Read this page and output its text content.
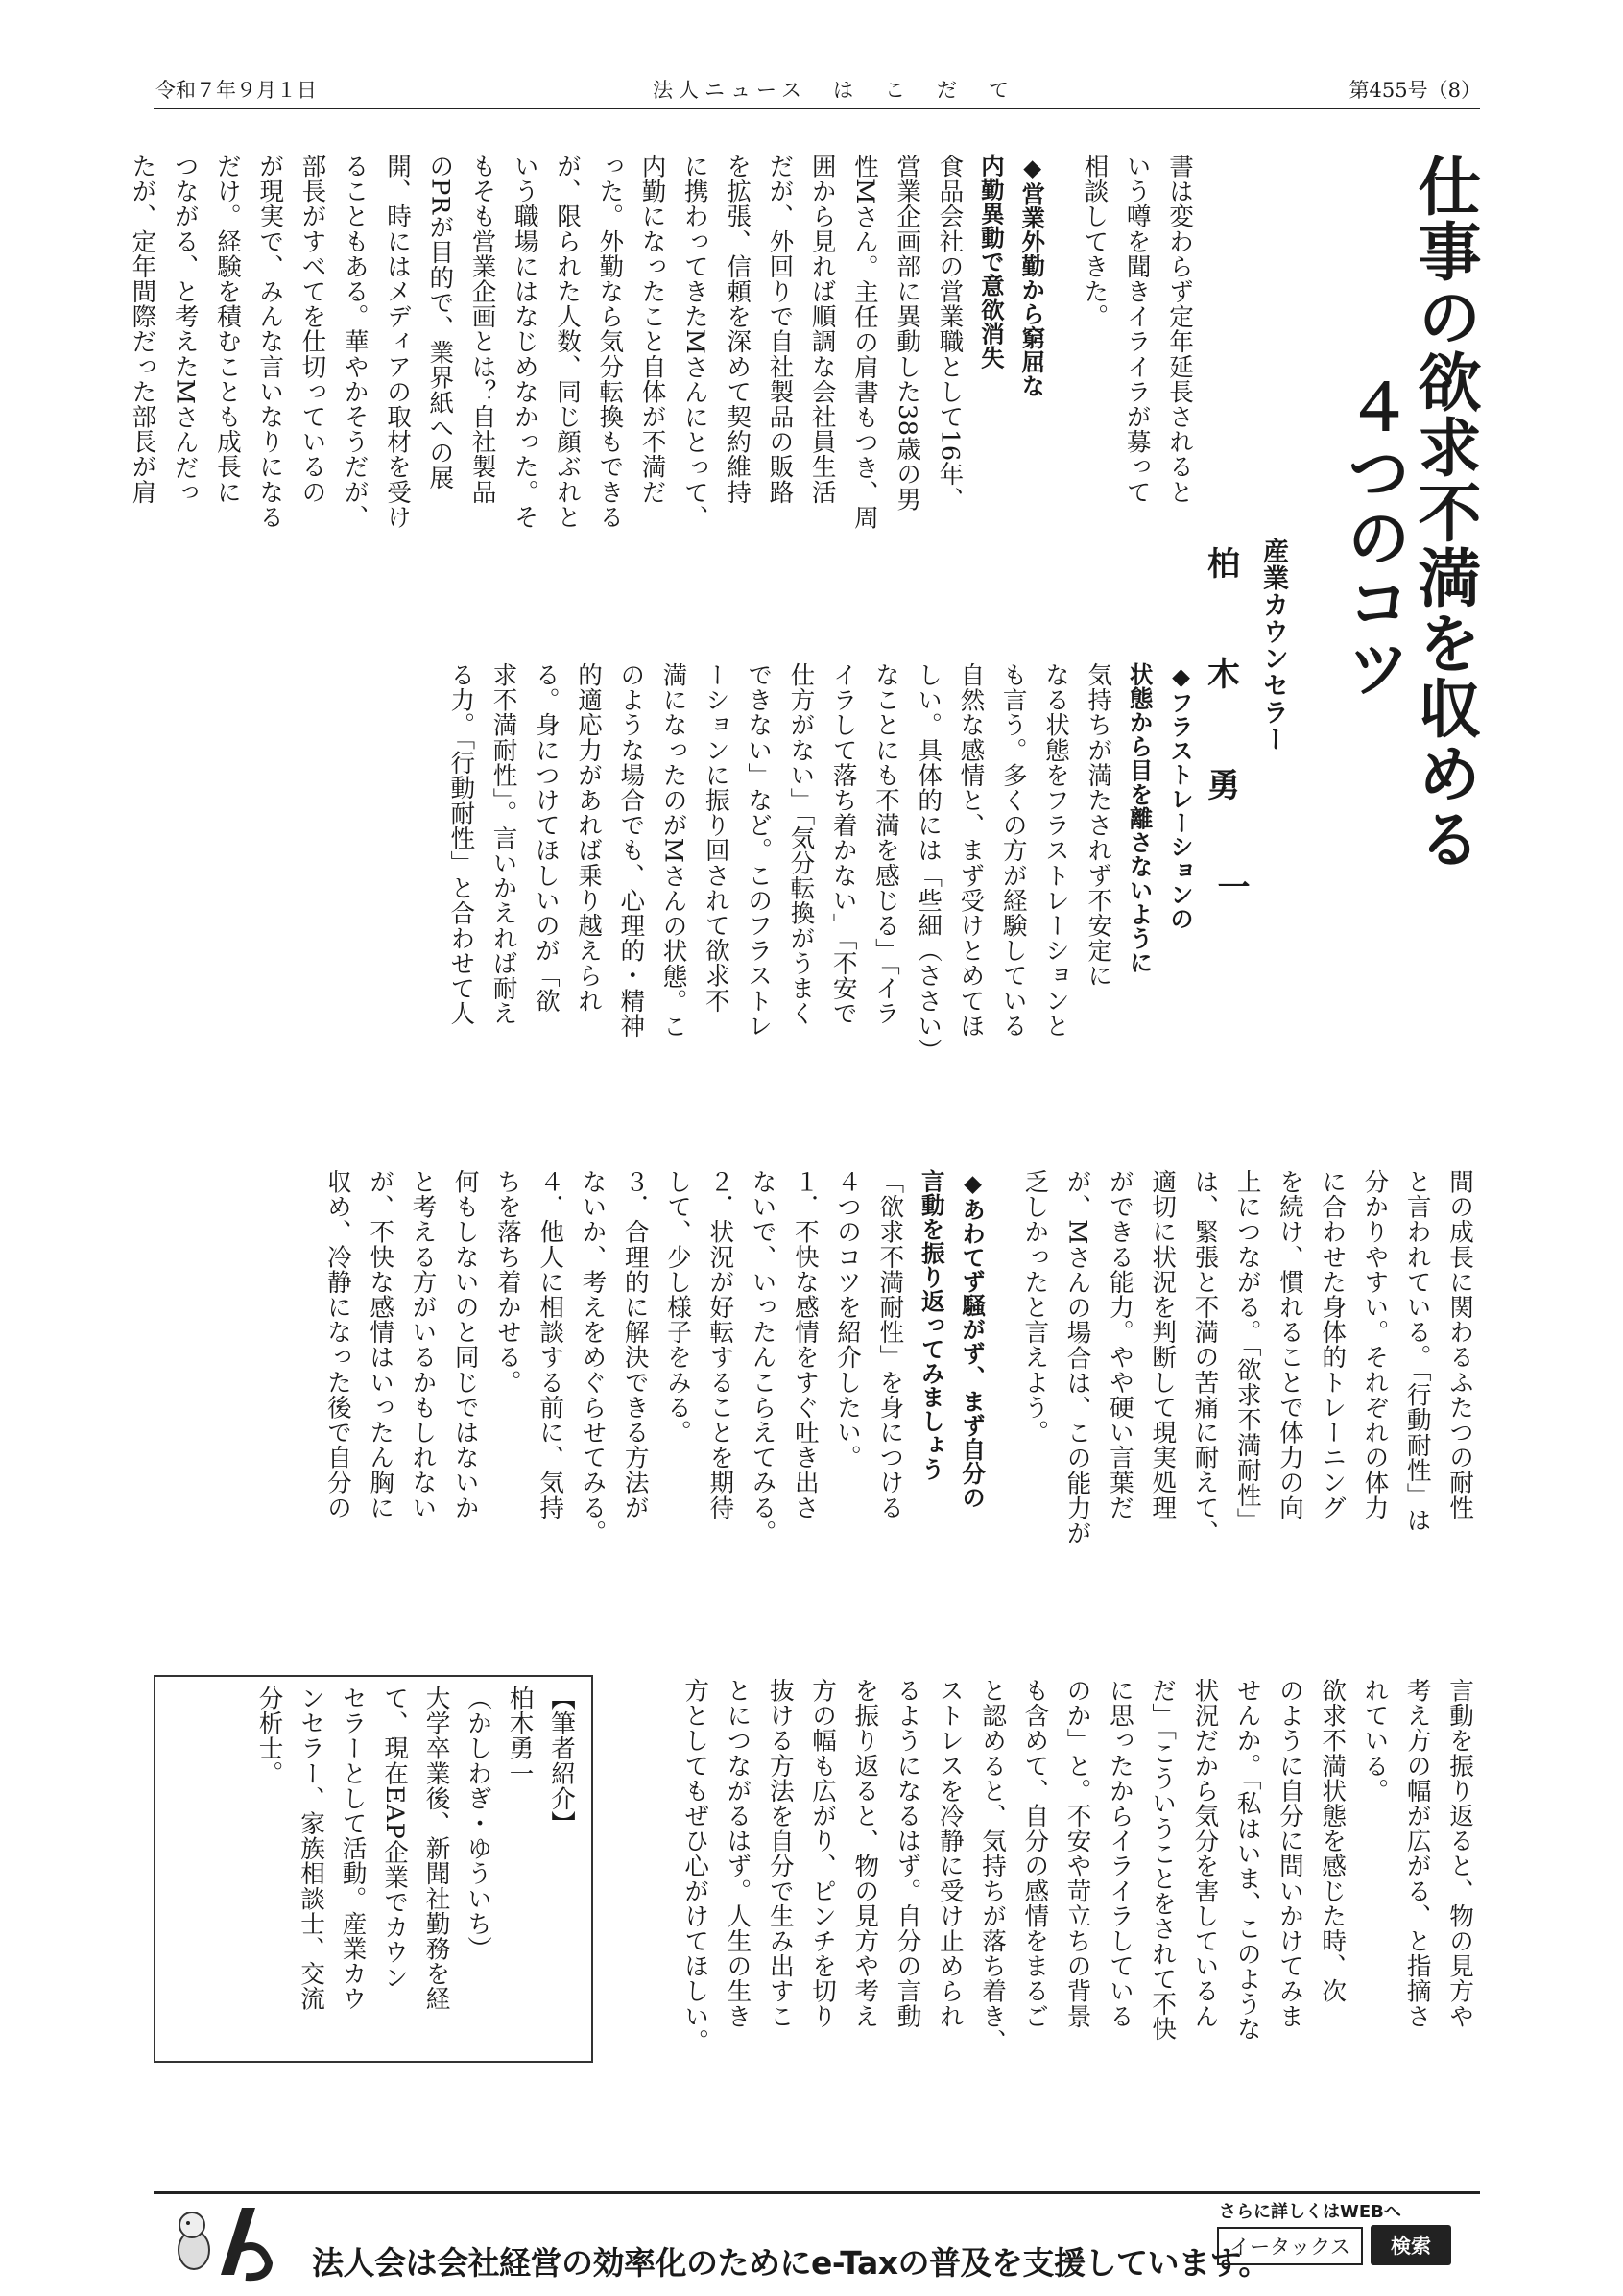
令和７年９月１日	法人ニュース　は　こ　だ　て	第455号（8）
仕事の欲求不満を収める
４つのコツ
産業カウンセラー
柏
木
勇
一

書は変わらず定年延長されると

いう噂を聞きイライラが募って

相談してきた。

◆営業外勤から窮屈な

内勤異動で意欲消失

食品会社の営業職として16年、

営業企画部に異動した38歳の男

性Mさん。主任の肩書もつき、周

囲から見れば順調な会社員生活

だが、外回りで自社製品の販路

を拡張、信頼を深めて契約維持

に携わってきたMさんにとって、

内勤になったこと自体が不満だ

った。外勤なら気分転換もできる

が、限られた人数、同じ顔ぶれと

いう職場にはなじめなかった。そ

もそも営業企画とは？自社製品

のPRが目的で、業界紙への展

開、時にはメディアの取材を受け

ることもある。華やかそうだが、

部長がすべてを仕切っているの

が現実で、みんな言いなりになる

だけ。経験を積むことも成長に

つながる、と考えたMさんだっ

たが、定年間際だった部長が肩

◆フラストレーションの

状態から目を離さないように

気持ちが満たされず不安定に

なる状態をフラストレーションと

も言う。多くの方が経験している

自然な感情と、まず受けとめてほ

しい。具体的には「些細（ささい）

なことにも不満を感じる」「イラ

イラして落ち着かない」「不安で

仕方がない」「気分転換がうまく

できない」など。このフラストレ

ーションに振り回されて欲求不

満になったのがMさんの状態。こ

のような場合でも、心理的・精神

的適応力があれば乗り越えられ

る。身につけてほしいのが「欲

求不満耐性」。言いかえれば耐え

る力。「行動耐性」と合わせて人

間の成長に関わるふたつの耐性

と言われている。「行動耐性」は

分かりやすい。それぞれの体力

に合わせた身体的トレーニング

を続け、慣れることで体力の向

上につながる。「欲求不満耐性」

は、緊張と不満の苦痛に耐えて、

適切に状況を判断して現実処理

ができる能力。やや硬い言葉だ

が、Mさんの場合は、この能力が

乏しかったと言えよう。

◆あわてず騒がず、まず自分の

言動を振り返ってみましょう

「欲求不満耐性」を身につける

４つのコツを紹介したい。

１．不快な感情をすぐ吐き出さ

ないで、いったんこらえてみる。

２．状況が好転することを期待

して、少し様子をみる。

３．合理的に解決できる方法が

ないか、考えをめぐらせてみる。

４．他人に相談する前に、気持

ちを落ち着かせる。

何もしないのと同じではないか

と考える方がいるかもしれない

が、不快な感情はいったん胸に

収め、冷静になった後で自分の

言動を振り返ると、物の見方や

考え方の幅が広がる、と指摘さ

れている。

欲求不満状態を感じた時、次

のように自分に問いかけてみま

せんか。「私はいま、このような

状況だから気分を害しているん

だ」「こういうことをされて不快

に思ったからイライラしている

のか」と。不安や苛立ちの背景

も含めて、自分の感情をまるご

と認めると、気持ちが落ち着き、

ストレスを冷静に受け止められ

るようになるはず。自分の言動

を振り返ると、物の見方や考え

方の幅も広がり、ピンチを切り

抜ける方法を自分で生み出すこ

とにつながるはず。人生の生き

方としてもぜひ心がけてほしい。

【筆者紹介】

柏木勇一

（かしわぎ・ゆういち）

大学卒業後、新聞社勤務を経

て、現在EAP企業でカウン

セラーとして活動。産業カウ

ンセラー、家族相談士、交流

分析士。

法人会は会社経営の効率化のためにe-Taxの普及を支援しています。
さらに詳しくはWEBへ
イータックス	検索
